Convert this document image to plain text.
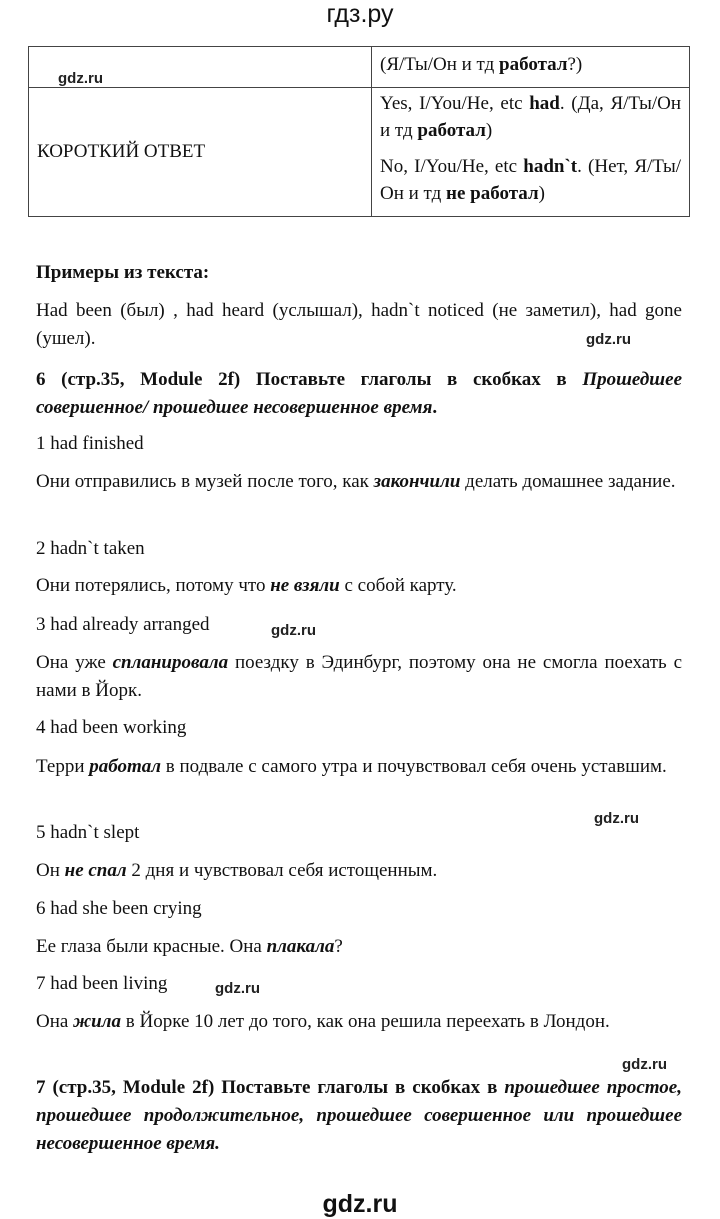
гдз.ру

	(Я/Ты/Он и тд работал?)

КОРОТКИЙ ОТВЕТ	Yes, I/You/He, etc had. (Да, Я/Ты/Он и тд работал)

No, I/You/He, etc hadn`t. (Нет, Я/Ты/Он и тд не работал)

gdz.ru
gdz.ru
gdz.ru
gdz.ru
gdz.ru
gdz.ru

Примеры из текста:

Had been (был) , had heard (услышал), hadn`t noticed (не заметил), had gone (ушел).

6 (стр.35, Module 2f) Поставьте глаголы в скобках в Прошедшее совершенное/ прошедшее несовершенное время.

1 had finished

Они отправились в музей после того, как закончили делать домашнее задание.

2 hadn`t taken

Они потерялись, потому что не взяли с собой карту.

3 had already arranged

Она уже спланировала поездку в Эдинбург, поэтому она не смогла поехать с нами в Йорк.

4 had been working

Терри работал в подвале с самого утра и почувствовал себя очень уставшим.

5 hadn`t slept

Он не спал 2 дня и чувствовал себя истощенным.

6 had she been crying

Ее глаза были красные. Она плакала?

7 had been living

Она жила в Йорке 10 лет до того, как она решила переехать в Лондон.

7 (стр.35, Module 2f) Поставьте глаголы в скобках в прошедшее простое, прошедшее продолжительное, прошедшее совершенное или прошедшее несовершенное время.

gdz.ru
